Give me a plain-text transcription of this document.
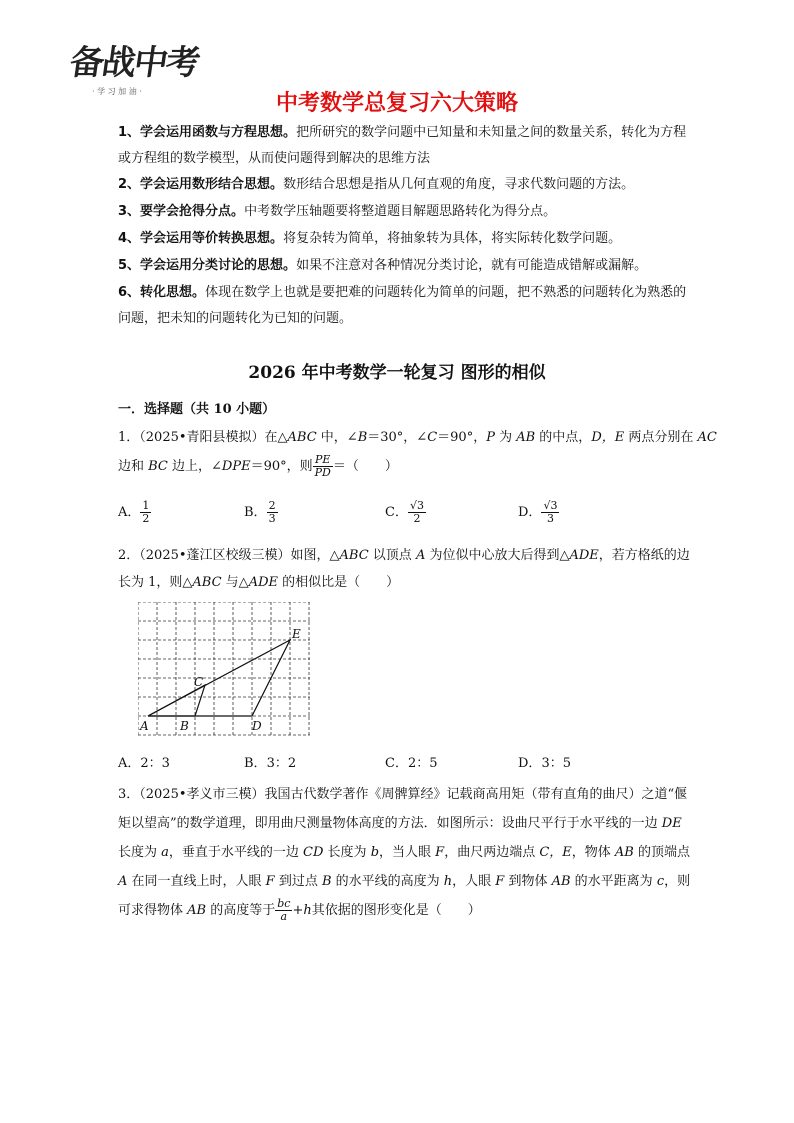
备战中考
· 学 习 加 油 ·	中考数学总复习六大策略
1、学会运用函数与方程思想。把所研究的数学问题中已知量和未知量之间的数量关系，转化为方程
或方程组的数学模型，从而使问题得到解决的思维方法
2、学会运用数形结合思想。数形结合思想是指从几何直观的角度，寻求代数问题的方法。
3、要学会抢得分点。中考数学压轴题要将整道题目解题思路转化为得分点。
4、学会运用等价转换思想。将复杂转为简单，将抽象转为具体，将实际转化数学问题。
5、学会运用分类讨论的思想。如果不注意对各种情况分类讨论，就有可能造成错解或漏解。
6、转化思想。体现在数学上也就是要把难的问题转化为简单的问题，把不熟悉的问题转化为熟悉的
问题，把未知的问题转化为已知的问题。
2026 年中考数学一轮复习 图形的相似
一．选择题（共 10 小题）
1．（2025•青阳县模拟）在△ABC 中，∠B＝30°，∠C＝90°，P 为 AB 的中点，D，E 两点分别在 AC
边和 BC 边上，∠DPE＝90°，则 $\frac{PE}{PD}$ ＝（　　）
A． $\frac{1}{2}$	B． $\frac{2}{3}$	C． $\frac{√3}{2}$	D． $\frac{√3}{3}$
2．（2025•蓬江区校级三模）如图，△ABC 以顶点 A 为位似中心放大后得到△ADE，若方格纸的边
长为 1，则△ABC 与△ADE 的相似比是（　　）
A	B
C
D
E
A．2：3	B．3：2	C．2：5	D．3：5
3．（2025•孝义市三模）我国古代数学著作《周髀算经》记载商高用矩（带有直角的曲尺）之道“偃
矩以望高”的数学道理，即用曲尺测量物体高度的方法．如图所示：设曲尺平行于水平线的一边 DE
长度为 a，垂直于水平线的一边 CD 长度为 b，当人眼 F，曲尺两边端点 C，E，物体 AB 的顶端点
A 在同一直线上时，人眼 F 到过点 B 的水平线的高度为 h，人眼 F 到物体 AB 的水平距离为 c，则
可求得物体 AB 的高度等于 $\frac{bc}{a} +h$其依据的图形变化是（　　）
